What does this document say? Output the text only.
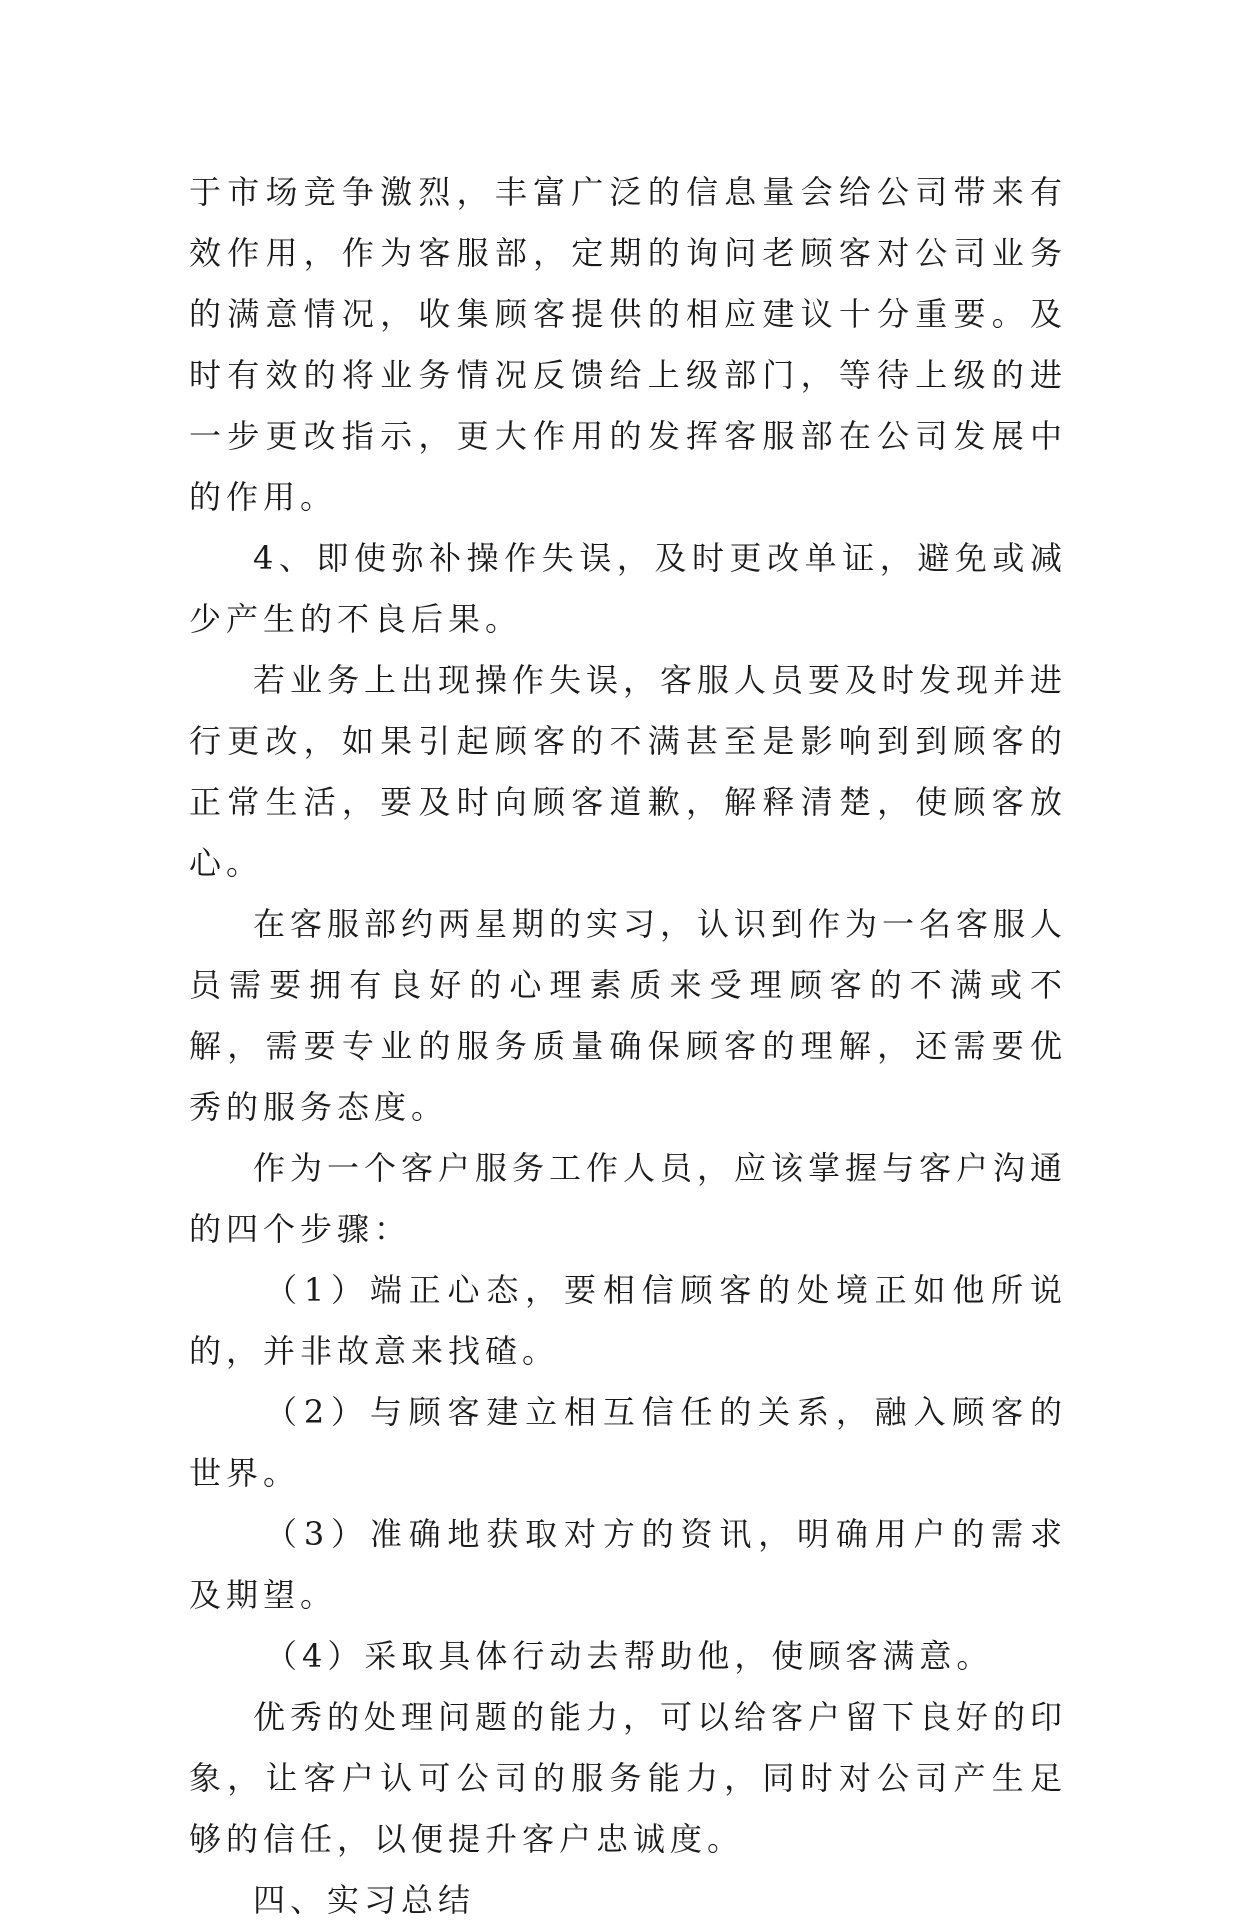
于市场竞争激烈，丰富广泛的信息量会给公司带来有效作用，作为客服部，定期的询问老顾客对公司业务的满意情况，收集顾客提供的相应建议十分重要。及时有效的将业务情况反馈给上级部门，等待上级的进一步更改指示，更大作用的发挥客服部在公司发展中的作用。

4、即使弥补操作失误，及时更改单证，避免或减少产生的不良后果。

若业务上出现操作失误，客服人员要及时发现并进行更改，如果引起顾客的不满甚至是影响到到顾客的正常生活，要及时向顾客道歉，解释清楚，使顾客放心。

在客服部约两星期的实习，认识到作为一名客服人员需要拥有良好的心理素质来受理顾客的不满或不解，需要专业的服务质量确保顾客的理解，还需要优秀的服务态度。

作为一个客户服务工作人员，应该掌握与客户沟通的四个步骤：

（1）端正心态，要相信顾客的处境正如他所说的，并非故意来找碴。

（2）与顾客建立相互信任的关系，融入顾客的世界。

（3）准确地获取对方的资讯，明确用户的需求及期望。

（4）采取具体行动去帮助他，使顾客满意。

优秀的处理问题的能力，可以给客户留下良好的印象，让客户认可公司的服务能力，同时对公司产生足够的信任，以便提升客户忠诚度。

四、实习总结
